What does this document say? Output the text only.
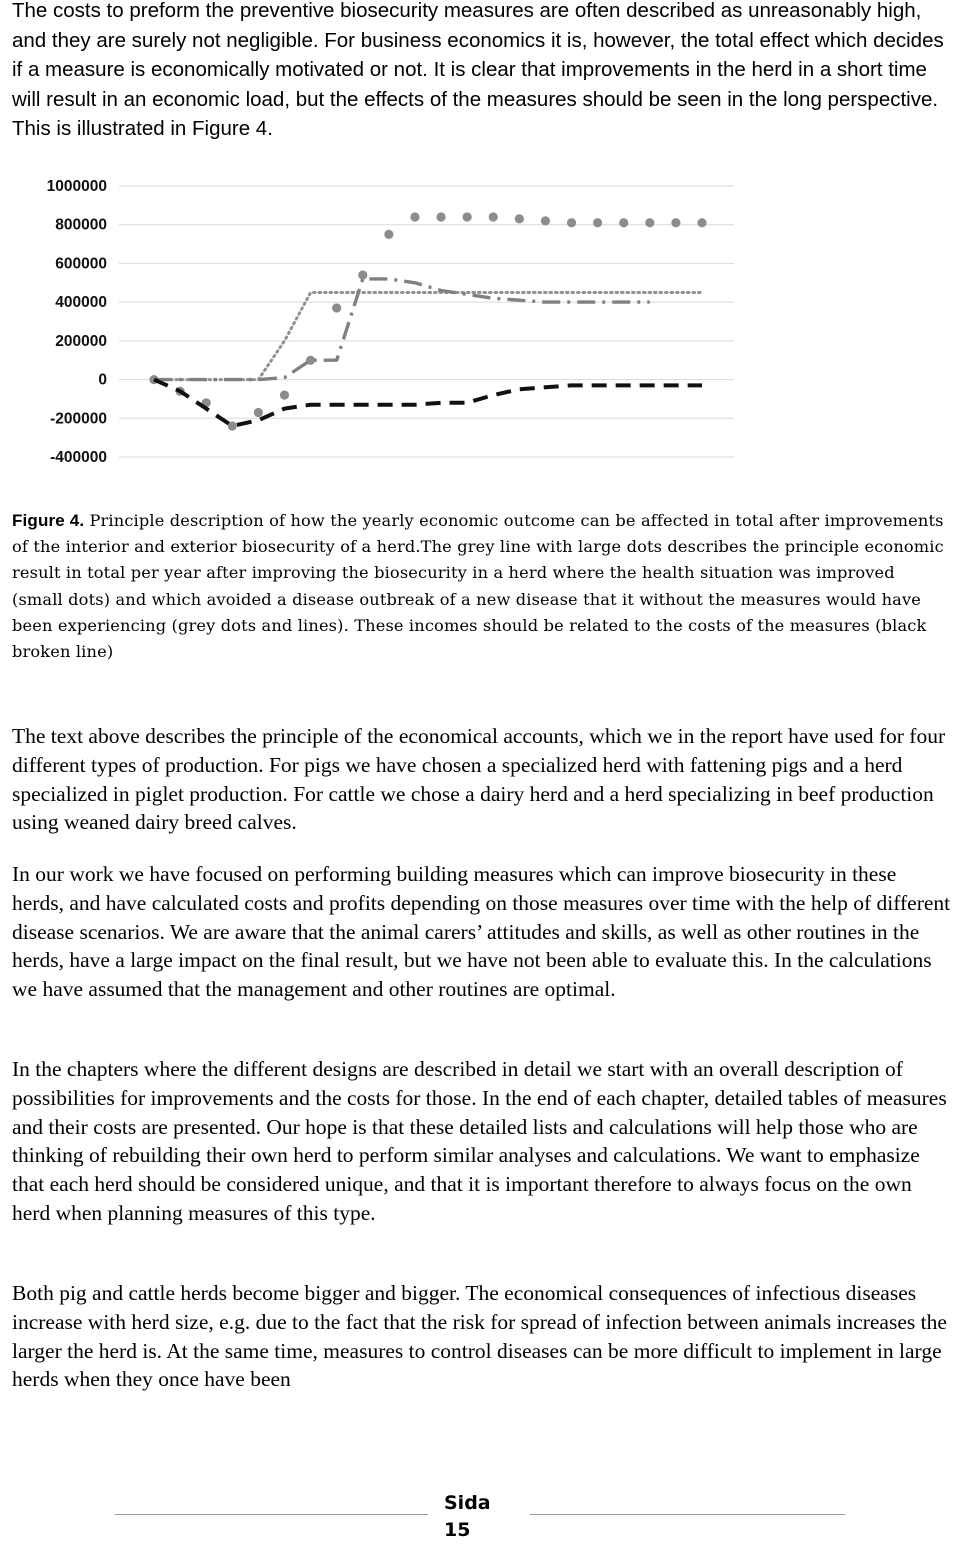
The costs to preform the preventive biosecurity measures are often described as unreasonably high, and they are surely not negligible. For business economics it is, however, the total effect which decides if a measure is economically motivated or not. It is clear that improvements in the herd in a short time will result in an economic load, but the effects of the measures should be seen in the long perspective. This is illustrated in Figure 4.

1000000
800000
600000
400000
200000
0
-200000
-400000

Figure 4. Principle description of how the yearly economic outcome can be affected in total after improvements of the interior and exterior biosecurity of a herd.The grey line with large dots describes the principle economic result in total per year after improving the biosecurity in a herd where the health situation was improved (small dots) and which avoided a disease outbreak of a new disease that it without the measures would have been experiencing (grey dots and lines). These incomes should be related to the costs of the measures (black broken line)

The text above describes the principle of the economical accounts, which we in the report have used for four different types of production. For pigs we have chosen a specialized herd with fattening pigs and a herd specialized in piglet production. For cattle we chose a dairy herd and a herd specializing in beef production using weaned dairy breed calves.

In our work we have focused on performing building measures which can improve biosecurity in these herds, and have calculated costs and profits depending on those measures over time with the help of different disease scenarios. We are aware that the animal carers’ attitudes and skills, as well as other routines in the herds, have a large impact on the final result, but we have not been able to evaluate this. In the calculations we have assumed that the management and other routines are optimal.

In the chapters where the different designs are described in detail we start with an overall description of possibilities for improvements and the costs for those. In the end of each chapter, detailed tables of measures and their costs are presented. Our hope is that these detailed lists and calculations will help those who are thinking of rebuilding their own herd to perform similar analyses and calculations. We want to emphasize that each herd should be considered unique, and that it is important therefore to always focus on the own herd when planning measures of this type.

Both pig and cattle herds become bigger and bigger. The economical consequences of infectious diseases increase with herd size, e.g. due to the fact that the risk for spread of infection between animals increases the larger the herd is. At the same time, measures to control diseases can be more difficult to implement in large herds when they once have been

Sida 15
